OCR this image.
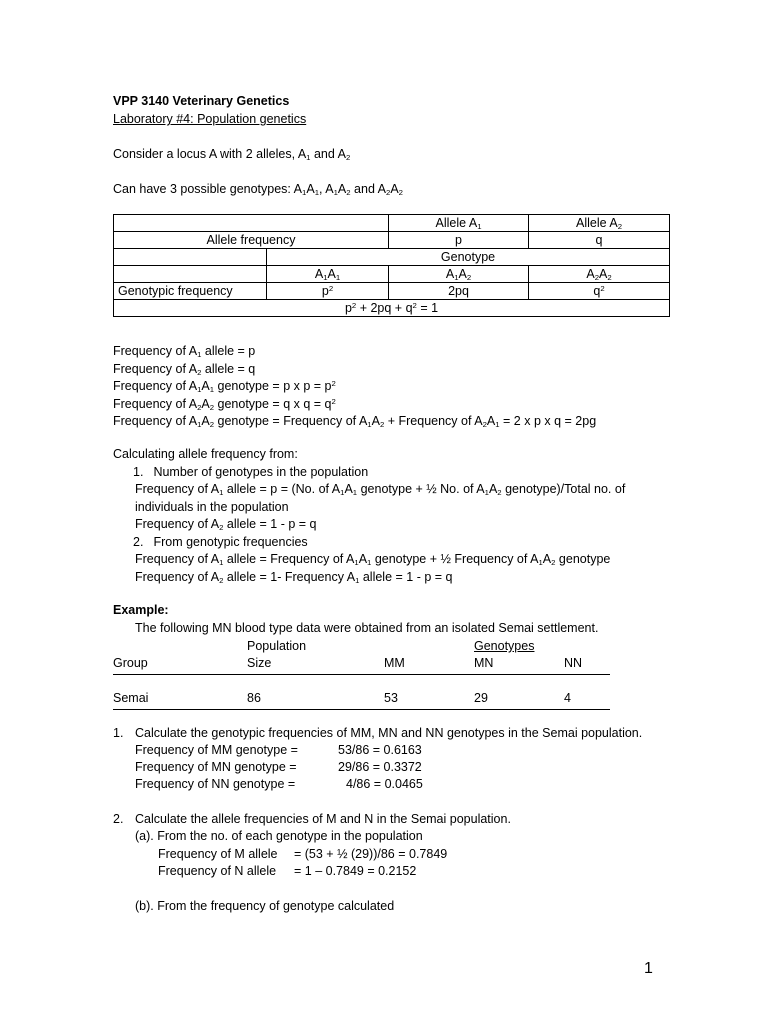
VPP 3140 Veterinary Genetics
Laboratory #4: Population genetics
Consider a locus A with 2 alleles, $A_1$ and $A_2$
Can have 3 possible genotypes: $A_1A_1$, $A_1A_2$ and $A_2A_2$
		Allele $A_1$	Allele $A_2$
Allele frequency		p	q
	Genotype		
	$A_1A_1$	$A_1A_2$	$A_2A_2$
Genotypic frequency	$p^2$	2pq	$q^2$
$p^2 + 2pq + q^2 = 1$			
Frequency of $A_1$ allele = p
Frequency of $A_2$ allele = q
Frequency of $A_1A_1$ genotype = p x $p = p^2$
Frequency of $A_2A_2$ genotype = q x $q = q^2$
Frequency of $A_1A_2$ genotype = Frequency of $A_1A_2$ + Frequency of $A_2A_1 = 2$ x p x q = 2pg
Calculating allele frequency from:
1. Number of genotypes in the population
Frequency of $A_1$ allele = p = (No. of $A_1A_1$ genotype + ½ No. of $A_1A_2$ genotype)/Total no. of
individuals in the population
Frequency of $A_2$ allele = 1 - p = q
2. From genotypic frequencies
Frequency of $A_1$ allele = Frequency of $A_1A_1$ genotype + ½ Frequency of $A_1A_2$ genotype
Frequency of $A_2$ allele = 1- Frequency $A_1$ allele = 1 - p = q
Example:
The following MN blood type data were obtained from an isolated Semai settlement.
Population	Genotypes
Group	Size	MM	MN	NN
Semai	86	53	29	4
1. Calculate the genotypic frequencies of MM, MN and NN genotypes in the Semai population.
Frequency of MM genotype =	53/86 = 0.6163
Frequency of MN genotype =	29/86 = 0.3372
Frequency of NN genotype =	4/86 = 0.0465
2. Calculate the allele frequencies of M and N in the Semai population.
(a). From the no. of each genotype in the population
Frequency of M allele = (53 + ½ (29))/86 = 0.7849
Frequency of N allele = 1 – 0.7849 = 0.2152
(b). From the frequency of genotype calculated
1
